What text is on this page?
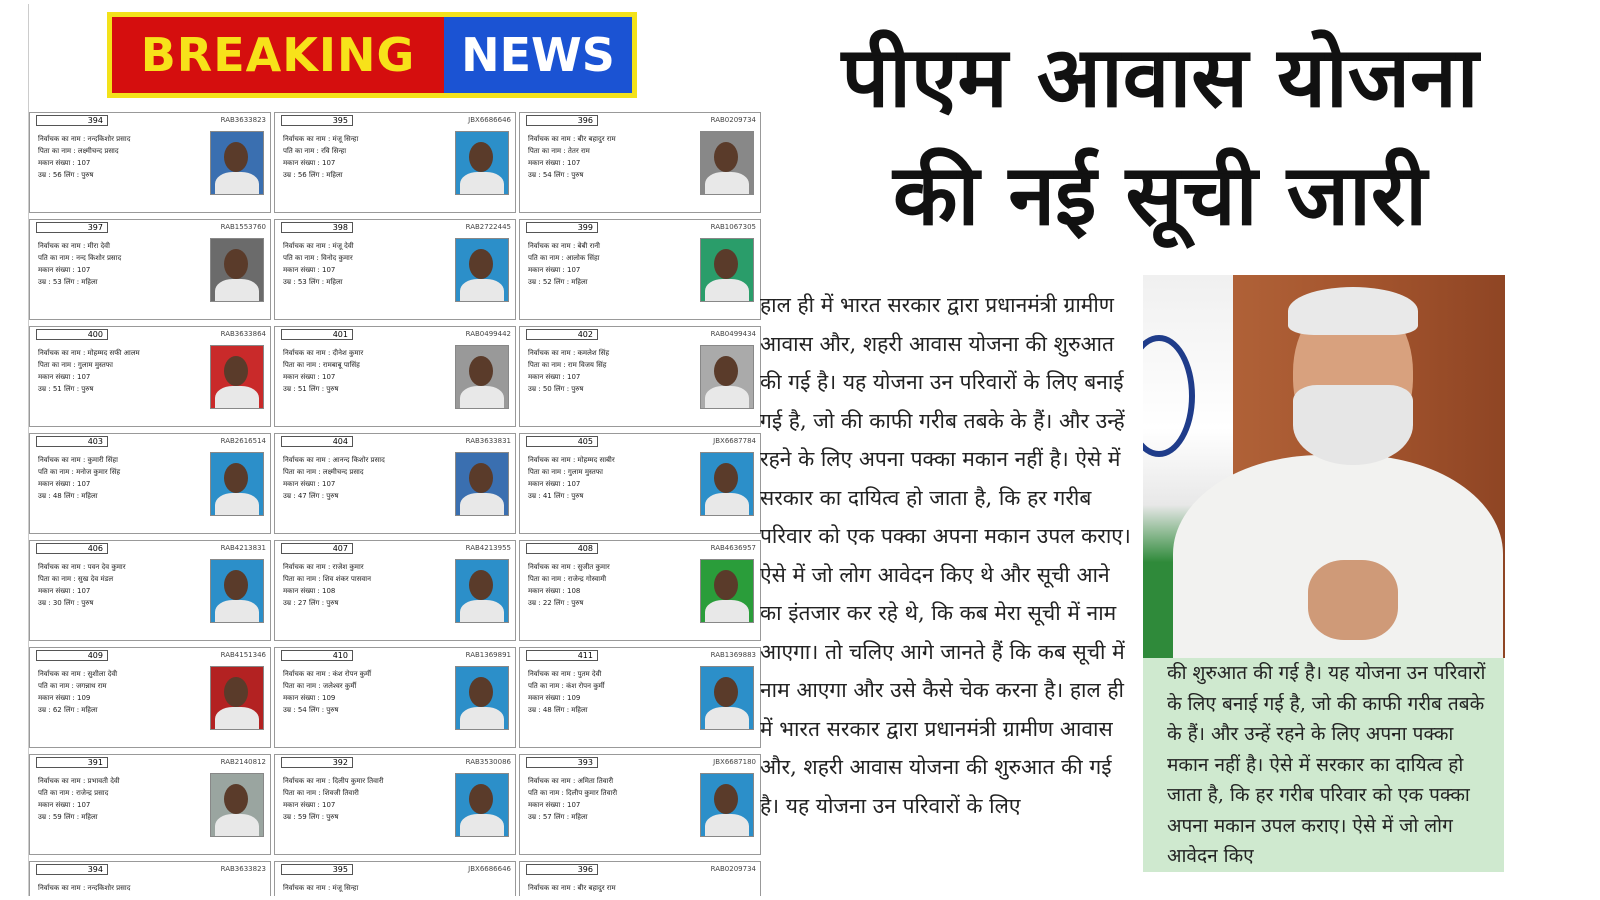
BREAKING NEWS
394	RAB3633823
निर्वाचक का नाम : नन्दकिशोर प्रसाद
पिता का नाम : लक्ष्मीचन्द प्रसाद
मकान संख्या : 107
उम्र : 56 लिंग : पुरुष
395	JBX6686646
निर्वाचक का नाम : मंजू सिन्हा
पति का नाम : रवि सिन्हा
मकान संख्या : 107
उम्र : 56 लिंग : महिला
396	RAB0209734
निर्वाचक का नाम : बीर बहादुर राम
पिता का नाम : तेतर राम
मकान संख्या : 107
उम्र : 54 लिंग : पुरुष
397	RAB1553760
निर्वाचक का नाम : मीरा देवी
पति का नाम : नन्द किशोर प्रसाद
मकान संख्या : 107
उम्र : 53 लिंग : महिला
398	RAB2722445
निर्वाचक का नाम : मंजू देवी
पति का नाम : विनोद कुमार
मकान संख्या : 107
उम्र : 53 लिंग : महिला
399	RAB1067305
निर्वाचक का नाम : बेबी रानी
पति का नाम : आलोक सिंहा
मकान संख्या : 107
उम्र : 52 लिंग : महिला
400	RAB3633864
निर्वाचक का नाम : मोहम्मद सफी आलम
पिता का नाम : गुलाम मुस्तफा
मकान संख्या : 107
उम्र : 51 लिंग : पुरुष
401	RAB0499442
निर्वाचक का नाम : दीनेश कुमार
पिता का नाम : रामबाबू पासिंह
मकान संख्या : 107
उम्र : 51 लिंग : पुरुष
402	RAB0499434
निर्वाचक का नाम : कमलेश सिंह
पिता का नाम : राम विजय सिंह
मकान संख्या : 107
उम्र : 50 लिंग : पुरुष
403	RAB2616514
निर्वाचक का नाम : कुमारी सिंहा
पति का नाम : मनोज कुमार सिंह
मकान संख्या : 107
उम्र : 48 लिंग : महिला
404	RAB3633831
निर्वाचक का नाम : आनन्द किशोर प्रसाद
पिता का नाम : लक्ष्मीचन्द प्रसाद
मकान संख्या : 107
उम्र : 47 लिंग : पुरुष
405	JBX6687784
निर्वाचक का नाम : मोहम्मद साबीर
पिता का नाम : गुलाम मुस्तफा
मकान संख्या : 107
उम्र : 41 लिंग : पुरुष
406	RAB4213831
निर्वाचक का नाम : पवन देव कुमार
पिता का नाम : सुख देव मंडल
मकान संख्या : 107
उम्र : 30 लिंग : पुरुष
407	RAB4213955
निर्वाचक का नाम : राजेश कुमार
पिता का नाम : शिव शंकर पासवान
मकान संख्या : 108
उम्र : 27 लिंग : पुरुष
408	RAB4636957
निर्वाचक का नाम : सुजीत कुमार
पिता का नाम : राजेन्द्र गोस्वामी
मकान संख्या : 108
उम्र : 22 लिंग : पुरुष
409	RAB4151346
निर्वाचक का नाम : सुशीला देवी
पति का नाम : जगन्नाथ राम
मकान संख्या : 109
उम्र : 62 लिंग : महिला
410	RAB1369891
निर्वाचक का नाम : कंश रोपन कुर्मी
पिता का नाम : जलेश्वर कुर्मी
मकान संख्या : 109
उम्र : 54 लिंग : पुरुष
411	RAB1369883
निर्वाचक का नाम : पुतम देवी
पति का नाम : कंश रोपन कुर्मी
मकान संख्या : 109
उम्र : 48 लिंग : महिला
391	RAB2140812
निर्वाचक का नाम : प्रभावती देवी
पति का नाम : राजेन्द्र प्रसाद
मकान संख्या : 107
उम्र : 59 लिंग : महिला
392	RAB3530086
निर्वाचक का नाम : दिलीप कुमार तिवारी
पिता का नाम : शिवजी तिवारी
मकान संख्या : 107
उम्र : 59 लिंग : पुरुष
393	JBX6687180
निर्वाचक का नाम : अमिता तिवारी
पति का नाम : दिलीप कुमार तिवारी
मकान संख्या : 107
उम्र : 57 लिंग : महिला
394	RAB3633823
निर्वाचक का नाम : नन्दकिशोर प्रसाद
395	JBX6686646
निर्वाचक का नाम : मंजू सिन्हा
396	RAB0209734
निर्वाचक का नाम : बीर बहादुर राम
पीएम आवास योजना
की नई सूची जारी
हाल ही में भारत सरकार द्वारा प्रधानमंत्री ग्रामीण आवास और, शहरी आवास योजना की शुरुआत की गई है। यह योजना उन परिवारों के लिए बनाई गई है, जो की काफी गरीब तबके के हैं। और उन्हें रहने के लिए अपना पक्का मकान नहीं है। ऐसे में सरकार का दायित्व हो जाता है, कि हर गरीब परिवार को एक पक्का अपना मकान उपल कराए। ऐसे में जो लोग आवेदन किए थे और सूची आने का इंतजार कर रहे थे, कि कब मेरा सूची में नाम आएगा। तो चलिए आगे जानते हैं कि कब सूची में नाम आएगा और उसे कैसे चेक करना है। हाल ही में भारत सरकार द्वारा प्रधानमंत्री ग्रामीण आवास और, शहरी आवास योजना की शुरुआत की गई है। यह योजना उन परिवारों के लिए
की शुरुआत की गई है। यह योजना उन परिवारों के लिए बनाई गई है, जो की काफी गरीब तबके के हैं। और उन्हें रहने के लिए अपना पक्का मकान नहीं है। ऐसे में सरकार का दायित्व हो जाता है, कि हर गरीब परिवार को एक पक्का अपना मकान उपल कराए। ऐसे में जो लोग आवेदन किए
